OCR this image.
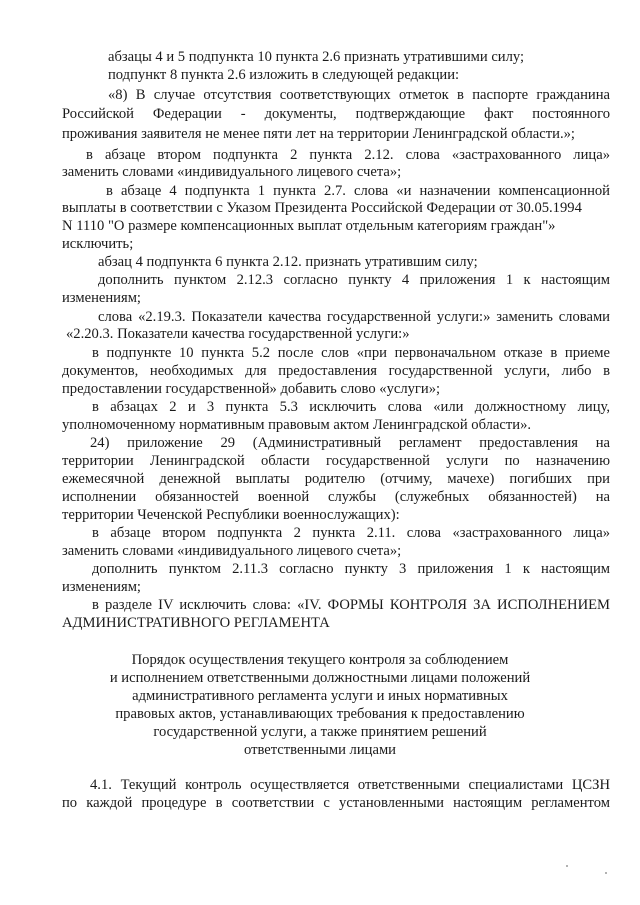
абзацы 4 и 5 подпункта 10 пункта 2.6 признать утратившими силу;
подпункт 8 пункта 2.6 изложить в следующей редакции:
«8) В случае отсутствия соответствующих отметок в паспорте гражданина
Российской Федерации - документы, подтверждающие факт постоянного
проживания заявителя не менее пяти лет на территории Ленинградской области.»;
в абзаце втором подпункта 2 пункта 2.12. слова «застрахованного лица»
заменить словами «индивидуального лицевого счета»;
в абзаце 4 подпункта 1 пункта 2.7. слова «и назначении компенсационной
выплаты в соответствии с Указом Президента Российской Федерации от 30.05.1994
N 1110 "О размере компенсационных выплат отдельным категориям граждан"»
исключить;
абзац 4 подпункта 6 пункта 2.12. признать утратившим силу;
дополнить пунктом 2.12.3 согласно пункту 4 приложения 1 к настоящим
изменениям;
слова «2.19.3. Показатели качества государственной услуги:» заменить словами
«2.20.3. Показатели качества государственной услуги:»
в подпункте 10 пункта 5.2 после слов «при первоначальном отказе в приеме
документов, необходимых для предоставления государственной услуги, либо в
предоставлении государственной» добавить слово «услуги»;
в абзацах 2 и 3 пункта 5.3 исключить слова «или должностному лицу,
уполномоченному нормативным правовым актом Ленинградской области».
24) приложение 29 (Административный регламент предоставления на
территории Ленинградской области государственной услуги по назначению
ежемесячной денежной выплаты родителю (отчиму, мачехе) погибших при
исполнении обязанностей военной службы (служебных обязанностей) на
территории Чеченской Республики военнослужащих):
в абзаце втором подпункта 2 пункта 2.11. слова «застрахованного лица»
заменить словами «индивидуального лицевого счета»;
дополнить пунктом 2.11.3 согласно пункту 3 приложения 1 к настоящим
изменениям;
в разделе IV исключить слова: «IV. ФОРМЫ КОНТРОЛЯ ЗА ИСПОЛНЕНИЕМ
АДМИНИСТРАТИВНОГО РЕГЛАМЕНТА
Порядок осуществления текущего контроля за соблюдением
и исполнением ответственными должностными лицами положений
административного регламента услуги и иных нормативных
правовых актов, устанавливающих требования к предоставлению
государственной услуги, а также принятием решений
ответственными лицами
4.1. Текущий контроль осуществляется ответственными специалистами ЦСЗН
по каждой процедуре в соответствии с установленными настоящим регламентом
